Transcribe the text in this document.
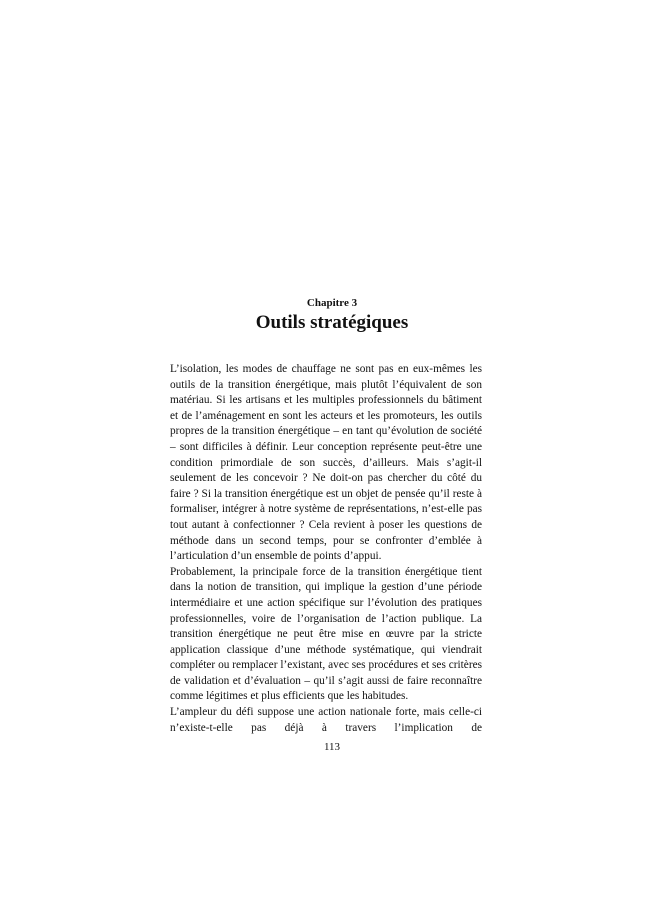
Chapitre 3
Outils stratégiques

L’isolation, les modes de chauffage ne sont pas en eux-mêmes les outils de la transition énergétique, mais plutôt l’équivalent de son matériau. Si les artisans et les multiples professionnels du bâtiment et de l’aménagement en sont les acteurs et les promoteurs, les outils propres de la transition énergétique – en tant qu’évolution de société – sont difficiles à définir. Leur conception représente peut-être une condition primordiale de son succès, d’ailleurs. Mais s’agit-il seulement de les concevoir ? Ne doit-on pas chercher du côté du faire ? Si la transition énergétique est un objet de pensée qu’il reste à formaliser, intégrer à notre système de représentations, n’est-elle pas tout autant à confectionner ? Cela revient à poser les questions de méthode dans un second temps, pour se confronter d’emblée à l’articulation d’un ensemble de points d’appui.

Probablement, la principale force de la transition énergétique tient dans la notion de transition, qui implique la gestion d’une période intermédiaire et une action spécifique sur l’évolution des pratiques professionnelles, voire de l’organisation de l’action publique. La transition énergétique ne peut être mise en œuvre par la stricte application classique d’une méthode systématique, qui viendrait compléter ou remplacer l’existant, avec ses procédures et ses critères de validation et d’évaluation – qu’il s’agit aussi de faire reconnaître comme légitimes et plus efficients que les habitudes.

L’ampleur du défi suppose une action nationale forte, mais celle-ci n’existe-t-elle pas déjà à travers l’implication de

113
